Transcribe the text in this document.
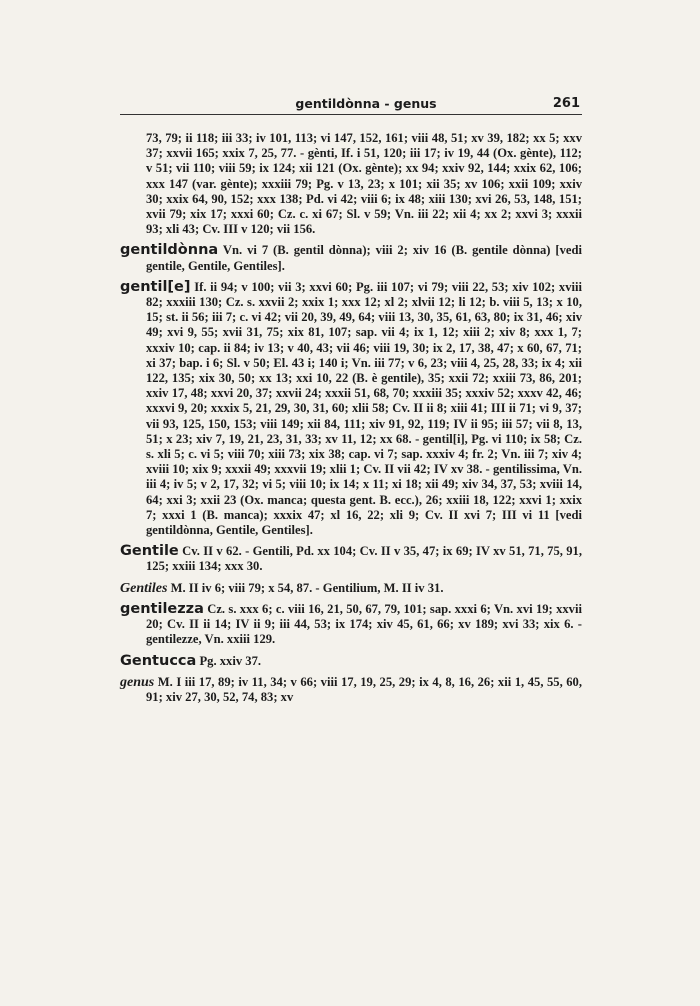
gentildònna - genus	261

73, 79; ii 118; iii 33; iv 101, 113; vi 147, 152, 161; viii 48, 51; xv 39, 182; xx 5; xxv 37; xxvii 165; xxix 7, 25, 77. - gènti, If. i 51, 120; iii 17; iv 19, 44 (Ox. gènte), 112; v 51; vii 110; viii 59; ix 124; xii 121 (Ox. gènte); xx 94; xxiv 92, 144; xxix 62, 106; xxx 147 (var. gènte); xxxiii 79; Pg. v 13, 23; x 101; xii 35; xv 106; xxii 109; xxiv 30; xxix 64, 90, 152; xxx 138; Pd. vi 42; viii 6; ix 48; xiii 130; xvi 26, 53, 148, 151; xvii 79; xix 17; xxxi 60; Cz. c. xi 67; Sl. v 59; Vn. iii 22; xii 4; xx 2; xxvi 3; xxxii 93; xli 43; Cv. III v 120; vii 156.

gentildònna Vn. vi 7 (B. gentil dònna); viii 2; xiv 16 (B. gentile dònna) [vedi gentile, Gentile, Gentiles].

gentil[e] If. ii 94; v 100; vii 3; xxvi 60; Pg. iii 107; vi 79; viii 22, 53; xiv 102; xviii 82; xxxiii 130; Cz. s. xxvii 2; xxix 1; xxx 12; xl 2; xlvii 12; li 12; b. viii 5, 13; x 10, 15; st. ii 56; iii 7; c. vi 42; vii 20, 39, 49, 64; viii 13, 30, 35, 61, 63, 80; ix 31, 46; xiv 49; xvi 9, 55; xvii 31, 75; xix 81, 107; sap. vii 4; ix 1, 12; xiii 2; xiv 8; xxx 1, 7; xxxiv 10; cap. ii 84; iv 13; v 40, 43; vii 46; viii 19, 30; ix 2, 17, 38, 47; x 60, 67, 71; xi 37; bap. i 6; Sl. v 50; El. 43 i; 140 i; Vn. iii 77; v 6, 23; viii 4, 25, 28, 33; ix 4; xii 122, 135; xix 30, 50; xx 13; xxi 10, 22 (B. è gentile), 35; xxii 72; xxiii 73, 86, 201; xxiv 17, 48; xxvi 20, 37; xxvii 24; xxxii 51, 68, 70; xxxiii 35; xxxiv 52; xxxv 42, 46; xxxvi 9, 20; xxxix 5, 21, 29, 30, 31, 60; xlii 58; Cv. II ii 8; xiii 41; III ii 71; vi 9, 37; vii 93, 125, 150, 153; viii 149; xii 84, 111; xiv 91, 92, 119; IV ii 95; iii 57; vii 8, 13, 51; x 23; xiv 7, 19, 21, 23, 31, 33; xv 11, 12; xx 68. - gentil[i], Pg. vi 110; ix 58; Cz. s. xli 5; c. vi 5; viii 70; xiii 73; xix 38; cap. vi 7; sap. xxxiv 4; fr. 2; Vn. iii 7; xiv 4; xviii 10; xix 9; xxxii 49; xxxvii 19; xlii 1; Cv. II vii 42; IV xv 38. - gentilissima, Vn. iii 4; iv 5; v 2, 17, 32; vi 5; viii 10; ix 14; x 11; xi 18; xii 49; xiv 34, 37, 53; xviii 14, 64; xxi 3; xxii 23 (Ox. manca; questa gent. B. ecc.), 26; xxiii 18, 122; xxvi 1; xxix 7; xxxi 1 (B. manca); xxxix 47; xl 16, 22; xli 9; Cv. II xvi 7; III vi 11 [vedi gentildònna, Gentile, Gentiles].

Gentile Cv. II v 62. - Gentili, Pd. xx 104; Cv. II v 35, 47; ix 69; IV xv 51, 71, 75, 91, 125; xxiii 134; xxx 30.

Gentiles M. II iv 6; viii 79; x 54, 87. - Gentilium, M. II iv 31.

gentilezza Cz. s. xxx 6; c. viii 16, 21, 50, 67, 79, 101; sap. xxxi 6; Vn. xvi 19; xxvii 20; Cv. II ii 14; IV ii 9; iii 44, 53; ix 174; xiv 45, 61, 66; xv 189; xvi 33; xix 6. - gentilezze, Vn. xxiii 129.

Gentucca Pg. xxiv 37.

genus M. I iii 17, 89; iv 11, 34; v 66; viii 17, 19, 25, 29; ix 4, 8, 16, 26; xii 1, 45, 55, 60, 91; xiv 27, 30, 52, 74, 83; xv
